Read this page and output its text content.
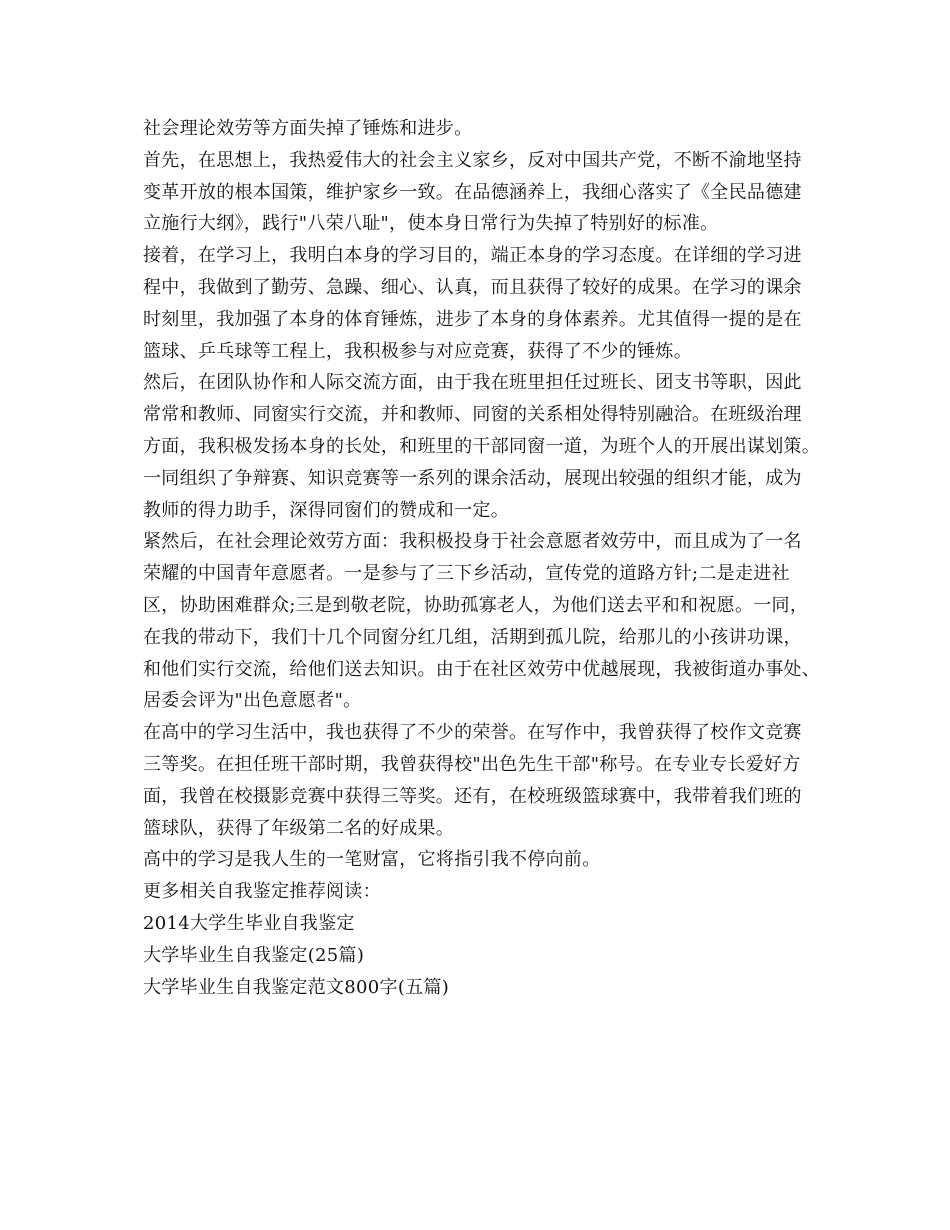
社会理论效劳等方面失掉了锤炼和进步。
首先，在思想上，我热爱伟大的社会主义家乡，反对中国共产党，不断不渝地坚持
变革开放的根本国策，维护家乡一致。在品德涵养上，我细心落实了《全民品德建
立施行大纲》，践行"八荣八耻"，使本身日常行为失掉了特别好的标准。
接着，在学习上，我明白本身的学习目的，端正本身的学习态度。在详细的学习进
程中，我做到了勤劳、急躁、细心、认真，而且获得了较好的成果。在学习的课余
时刻里，我加强了本身的体育锤炼，进步了本身的身体素养。尤其值得一提的是在
篮球、乒乓球等工程上，我积极参与对应竞赛，获得了不少的锤炼。
然后，在团队协作和人际交流方面，由于我在班里担任过班长、团支书等职，因此
常常和教师、同窗实行交流，并和教师、同窗的关系相处得特别融洽。在班级治理
方面，我积极发扬本身的长处，和班里的干部同窗一道，为班个人的开展出谋划策。
一同组织了争辩赛、知识竞赛等一系列的课余活动，展现出较强的组织才能，成为
教师的得力助手，深得同窗们的赞成和一定。
紧然后，在社会理论效劳方面：我积极投身于社会意愿者效劳中，而且成为了一名
荣耀的中国青年意愿者。一是参与了三下乡活动，宣传党的道路方针;二是走进社
区，协助困难群众;三是到敬老院，协助孤寡老人，为他们送去平和和祝愿。一同，
在我的带动下，我们十几个同窗分红几组，活期到孤儿院，给那儿的小孩讲功课，
和他们实行交流，给他们送去知识。由于在社区效劳中优越展现，我被街道办事处、
居委会评为"出色意愿者"。
在高中的学习生活中，我也获得了不少的荣誉。在写作中，我曾获得了校作文竞赛
三等奖。在担任班干部时期，我曾获得校"出色先生干部"称号。在专业专长爱好方
面，我曾在校摄影竞赛中获得三等奖。还有，在校班级篮球赛中，我带着我们班的
篮球队，获得了年级第二名的好成果。
高中的学习是我人生的一笔财富，它将指引我不停向前。
更多相关自我鉴定推荐阅读：
2014大学生毕业自我鉴定
大学毕业生自我鉴定(25篇)
大学毕业生自我鉴定范文800字(五篇)
